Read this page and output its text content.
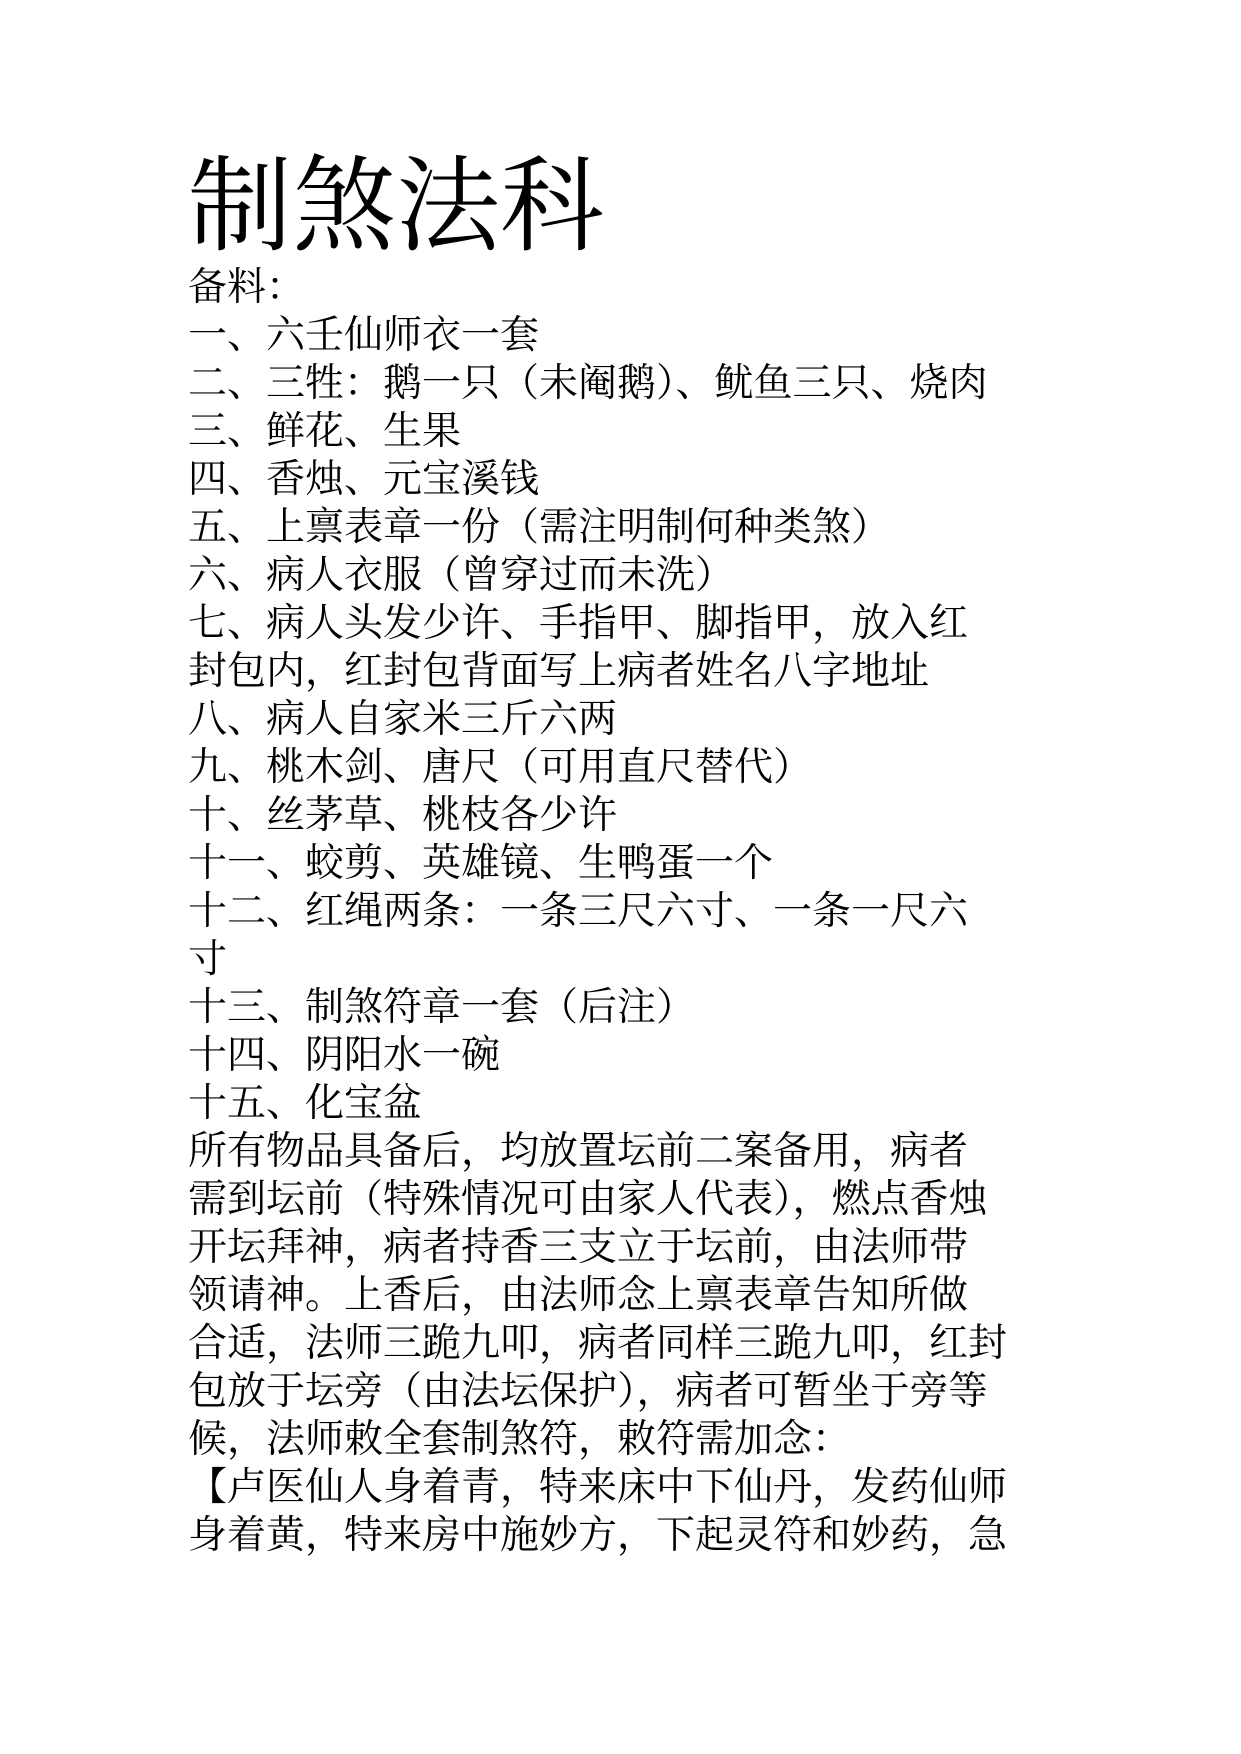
制煞法科

备料：

一、六壬仙师衣一套

二、三牲：鹅一只（未阉鹅）、鱿鱼三只、烧肉

三、鲜花、生果

四、香烛、元宝溪钱

五、上禀表章一份（需注明制何种类煞）

六、病人衣服（曾穿过而未洗）

七、病人头发少许、手指甲、脚指甲，放入红

封包内，红封包背面写上病者姓名八字地址

八、病人自家米三斤六两

九、桃木剑、唐尺（可用直尺替代）

十、丝茅草、桃枝各少许

十一、蛟剪、英雄镜、生鸭蛋一个

十二、红绳两条：一条三尺六寸、一条一尺六

寸

十三、制煞符章一套（后注）

十四、阴阳水一碗

十五、化宝盆

所有物品具备后，均放置坛前二案备用，病者

需到坛前（特殊情况可由家人代表），燃点香烛

开坛拜神，病者持香三支立于坛前，由法师带

领请神。上香后，由法师念上禀表章告知所做

合适，法师三跪九叩，病者同样三跪九叩，红封

包放于坛旁（由法坛保护），病者可暂坐于旁等

候，法师敕全套制煞符，敕符需加念：

【卢医仙人身着青，特来床中下仙丹，发药仙师

身着黄，特来房中施妙方，下起灵符和妙药，急
